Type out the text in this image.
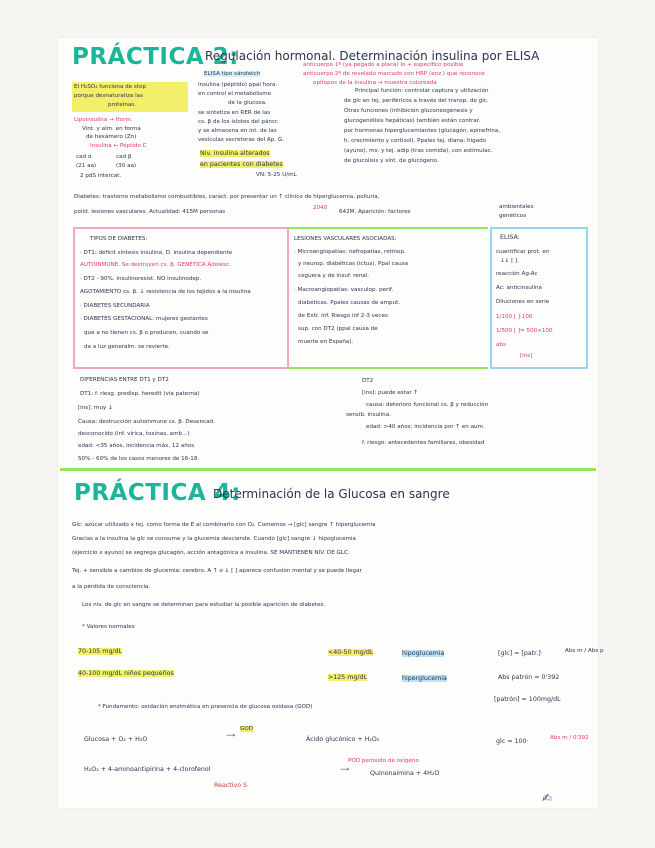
PRÁCTICA 2:
Regulación hormonal. Determinación insulina por ELISA
ELISA tipo sándwich
anticuerpo 1º (ya pegado a placa) lo + específico posible
anticuerpo 2º de revelado marcado con HRP (enz.) que reconoce
epítopos de la insulina → muestra coloreada
El H₂SO₄ funciona de stop
porque desnaturaliza las
proteínas.
insulina (péptido) ppal hora.
en control el metabolismo
de la glucosa.
se sintetiza en RER de las
cs. β de los islotes del páncr.
y se almacena en int. de las
vesículas secretoras del Ap. G.
Principal función: controlar captura y utilización
de glc en tej. periféricos a través del transp. de glc.
Otras funciones (inhibición gluconeogénesis y
glucogenólisis hepáticas) también están contrar.
por hormonas hiperglucemiantes (glucagón, epinefrina,
h. crecimiento y cortisol). Ppales tej. diana: hígado
(ayuno), ms. y tej. adip (tras comida), con estimulac.
de glucolisis y sínt. de glucógeno.
Lipoinsulina → Horm.
Vint. y alm. en forma
de hexámero (Zn)
Insulina ← Péptido C
cad α
(21 aa)
cad β
(30 aa)
2 pdS intercat.
Niv. insulina alterados
en pacientes con diabetes
VN: 5-25 U/mL
Diabetes: trastorno metabolismo combustibles, caract. por presentar un ↑ clínico de hiperglucemia, poliuria,
polid. lesiones vasculares. Actualidad: 415M personas
2040
642M. Aparición: factores
ambientales
genéticos
TIPOS DE DIABETES:
· DT1: déficit síntesis insulina. D. insulina dependiente
AUTOINMUNE. Se destruyen cs. β. GENÉTICA Adolesc.
· DT2 - 90%. insulinoresist. NO insulinodep.
AGOTAMIENTO cs. β. ↓ resistencia de los tejidos a la insulina
· DIABETES SECUNDARIA
· DIABETES GESTACIONAL: mujeres gestantes
que a no tienen cs. β o producen, cuando se
da a luz generalm. se revierte.
LESIONES VASCULARES ASOCIADAS:
· Microangiopatías: nefropatías, retinop.
y neurop. diabéticas (ictus). Ppal causa
ceguera y de insuf. renal.
· Macroangiopatías: vasculop. perif.
diabéticas. Ppales causas de amput.
de Extr. inf. Riesgo inf 2-3 veces
sup. con DT2 (ppal causa de
muerte en España).
ELISA:
cuantificar prot. en
↓↓ [ ].
reacción Ag-Ac
Ac: anticinsulina
Diluciones en serie
1/100 [ ]·100
1/500 [ ]= 500×100
abs
[ins]
DIFERENCIAS ENTRE DT1 y DT2
DT1: f. riesg. predisp. heredit (vía paterna)
[ins]: muy ↓
Causa: destrucción autoinmune cs. β. Desencad.
desconocido (inf. vírica, toxinas, amb...)
edad: <35 años, incidencia máx. 12 años
50% - 60% de los casos menores de 16-18.
DT2
[ins]: puede estar ↑
causa: deterioro funcional cs. β y reducción
sensib. insulina.
edad: >40 años; incidencia por ↑ en aum.
f. riesgo: antecedentes familiares, obesidad
PRÁCTICA 4:
Determinación de la Glucosa en sangre
Glc: azúcar utilizado x tej. como forma de E al combinarlo con O₂. Comemos → [glc] sangre ↑ hiperglucemia
Gracias a la insulina la glc se consume y la glucemia desciende. Cuando [glc] sangre ↓ hipoglucemia
(ejercicio x ayuno) se segrega glucagón, acción antagónica a insulina. SE MANTIENEN NIV. DE GLC.
Tej. + sensible a cambios de glucemia: cerebro. A ↑ o ↓ [ ] aparece confusión mental y se puede llegar
a la pérdida de consciencia.
Los niv. de glc en sangre se determinan para estudiar la posible aparición de diabetes.
* Valores normales
70-105 mg/dL
40-100 mg/dL niños pequeños
<40-50 mg/dL	hipoglucemia
>125 mg/dL	hiperglucemia
[glc] = [patr.]·	Abs m / Abs p
Abs patrón = 0'392
[patrón] = 100mg/dL
* Fundamento: oxidación enzimática en presencia de glucosa oxidasa (GOD)
Glucosa + O₂ + H₂O
GOD
⟶
Ácido glucónico + H₂O₂	glc = 100·	Abs m / 0'392
H₂O₂ + 4-aminoantipirina + 4-clorofenol
POD peróxido de oxígeno
⟶
Quinonaimina + 4H₂O
Reactivo S
✍
